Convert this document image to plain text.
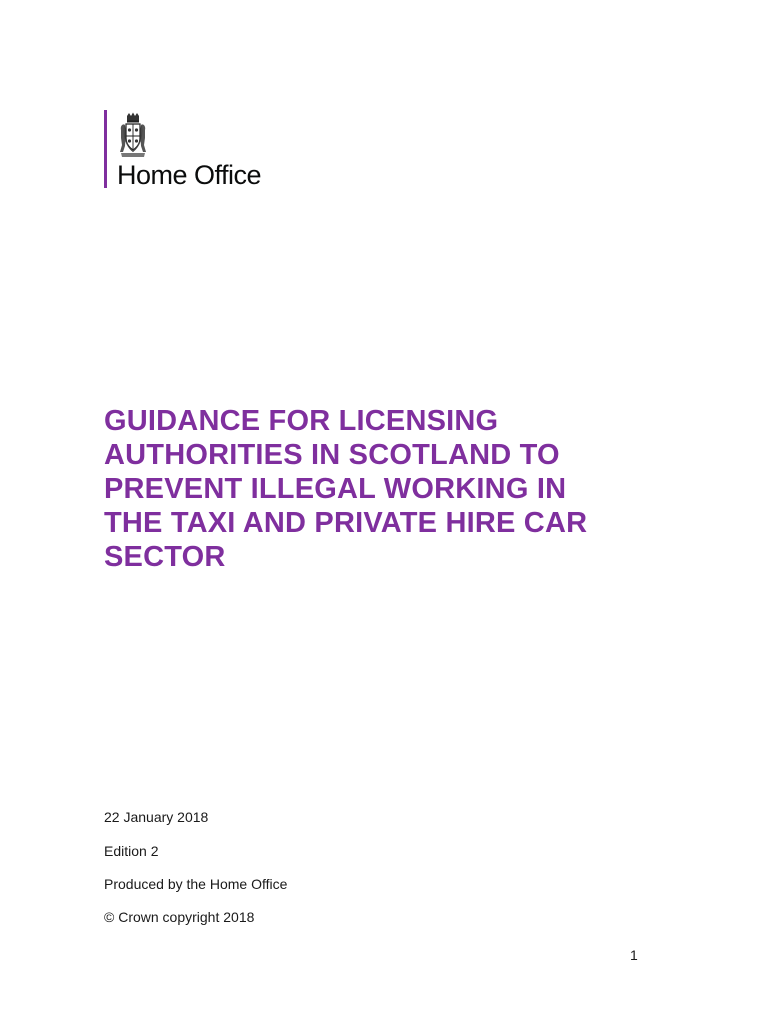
Home Office
GUIDANCE FOR LICENSING
AUTHORITIES IN SCOTLAND TO
PREVENT ILLEGAL WORKING IN
THE TAXI AND PRIVATE HIRE CAR
SECTOR
22 January 2018
Edition 2
Produced by the Home Office
© Crown copyright 2018
1
